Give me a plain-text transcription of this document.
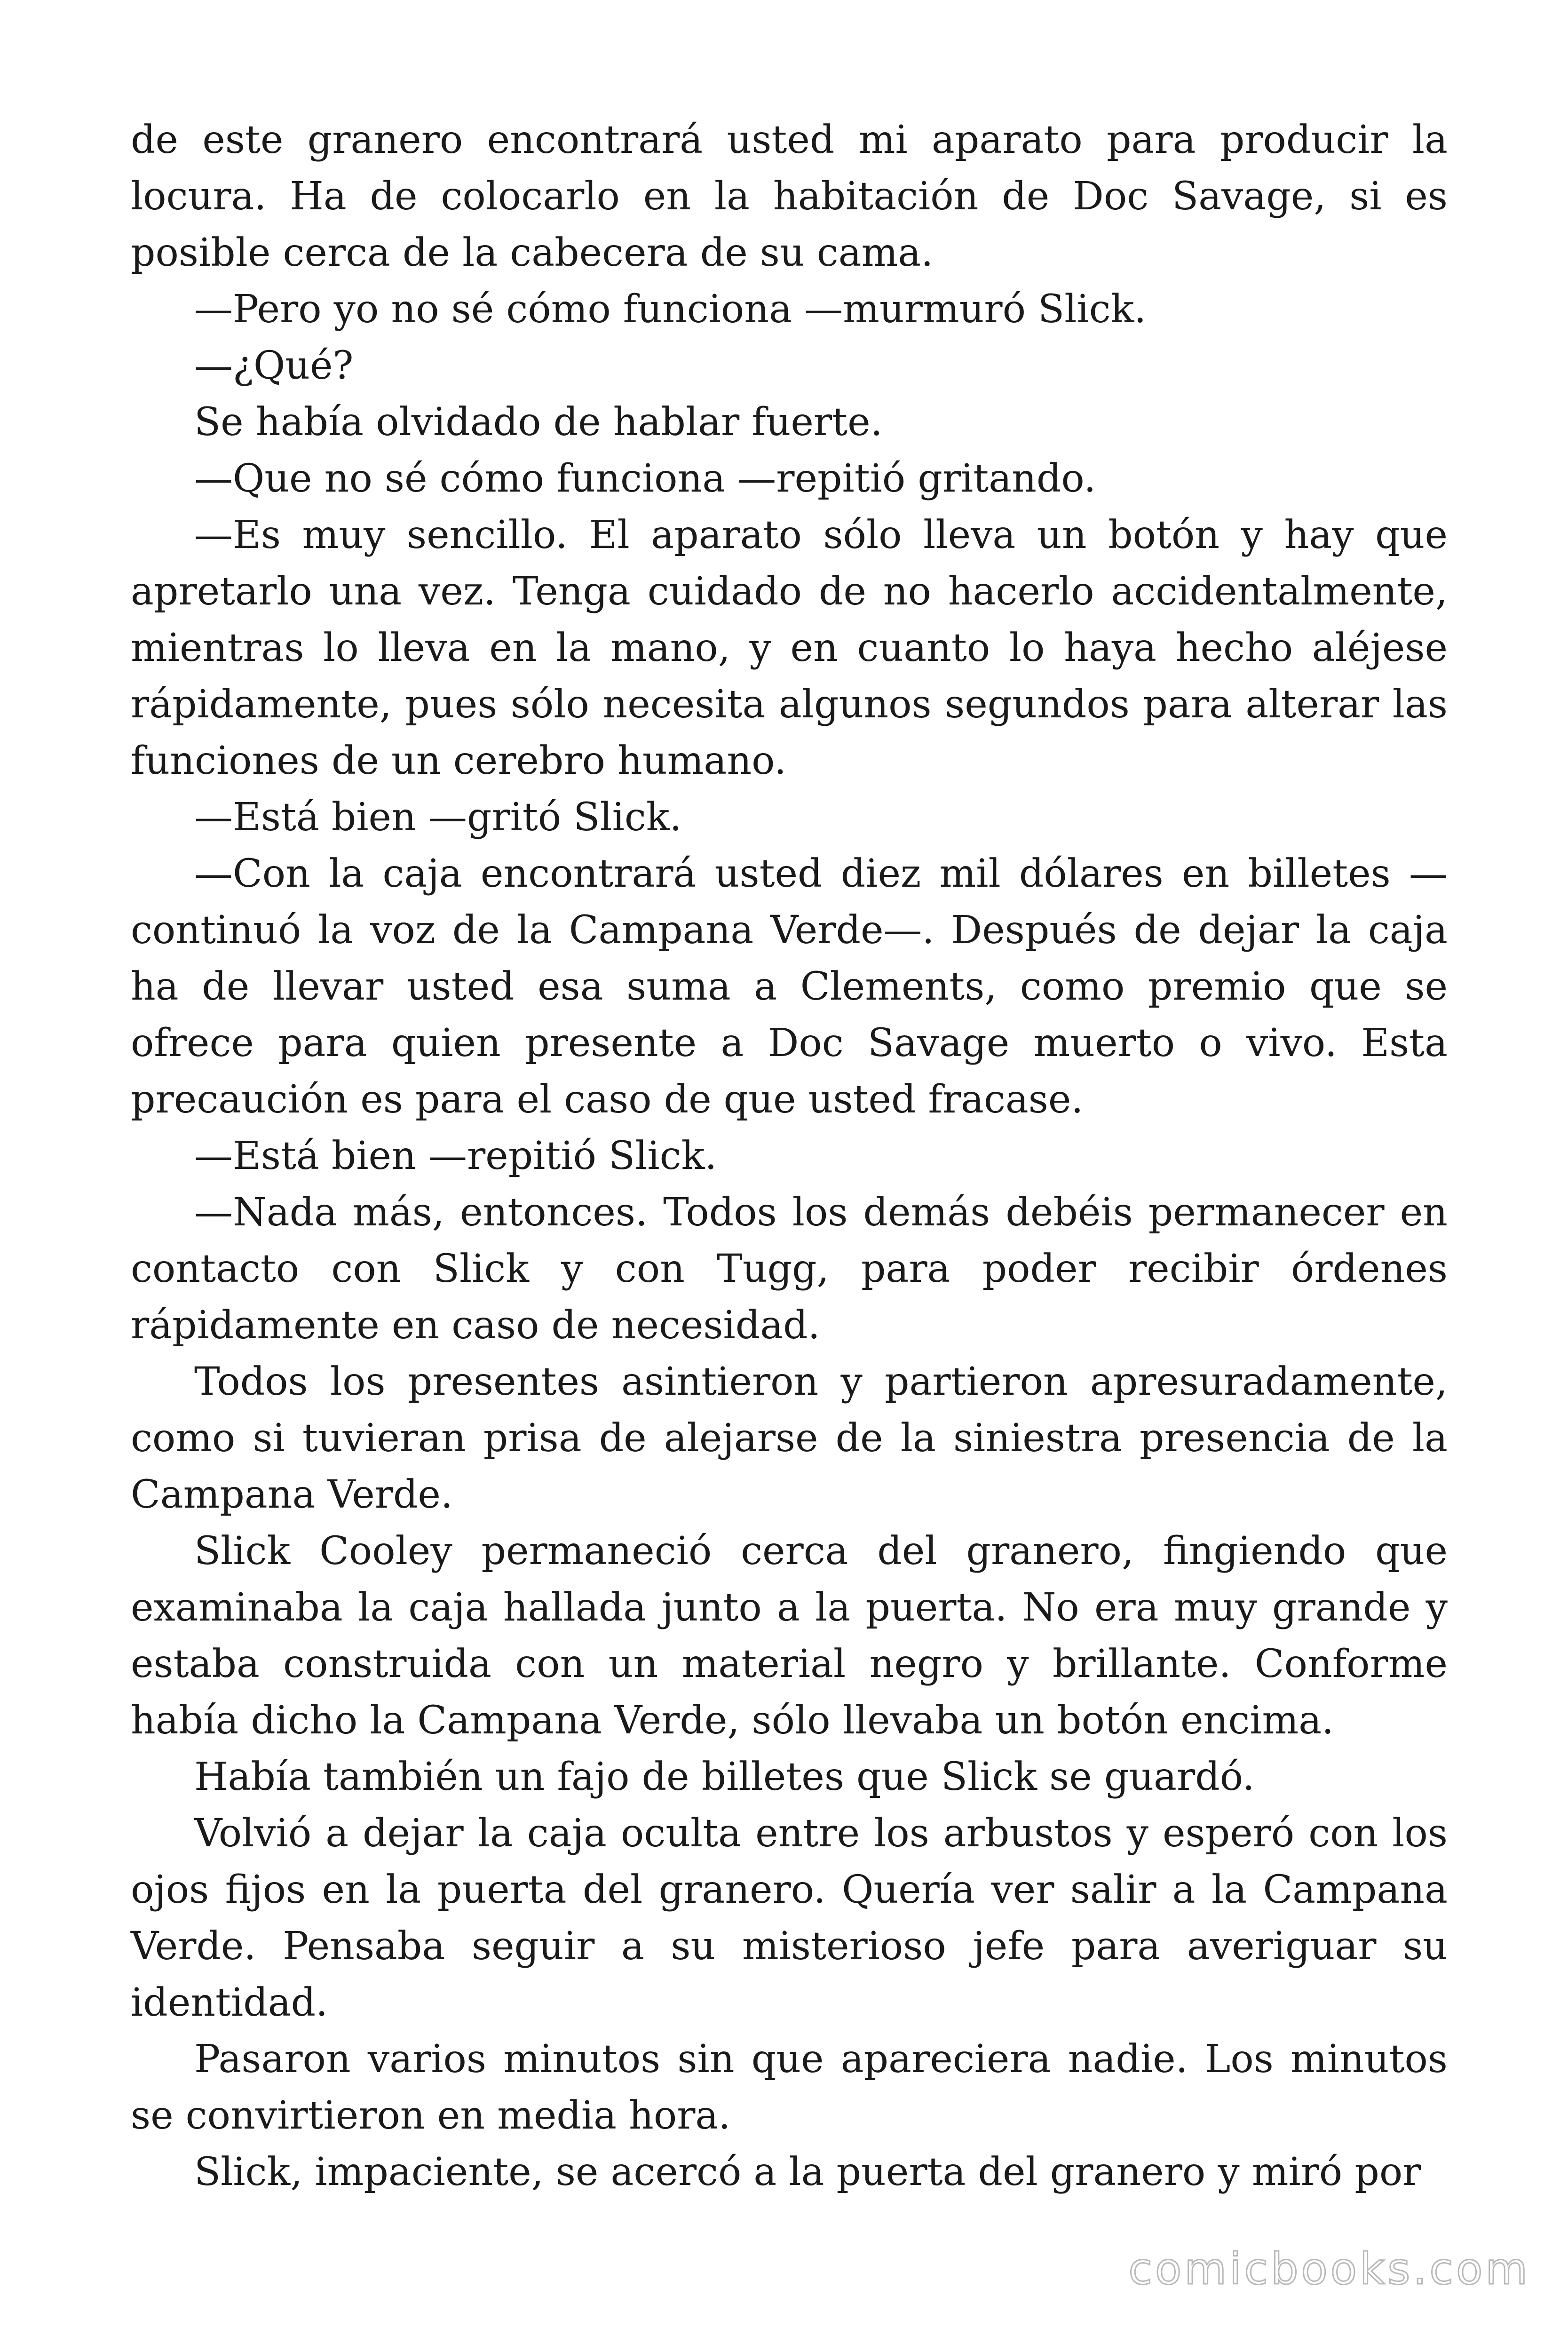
de este granero encontrará usted mi aparato para producir la locura. Ha de colocarlo en la habitación de Doc Savage, si es posible cerca de la cabecera de su cama.

—Pero yo no sé cómo funciona —murmuró Slick.

—¿Qué?

Se había olvidado de hablar fuerte.

—Que no sé cómo funciona —repitió gritando.

—Es muy sencillo. El aparato sólo lleva un botón y hay que apretarlo una vez. Tenga cuidado de no hacerlo accidentalmente, mientras lo lleva en la mano, y en cuanto lo haya hecho aléjese rápidamente, pues sólo necesita algunos segundos para alterar las funciones de un cerebro humano.

—Está bien —gritó Slick.

—Con la caja encontrará usted diez mil dólares en billetes —continuó la voz de la Campana Verde—. Después de dejar la caja ha de llevar usted esa suma a Clements, como premio que se ofrece para quien presente a Doc Savage muerto o vivo. Esta precaución es para el caso de que usted fracase.

—Está bien —repitió Slick.

—Nada más, entonces. Todos los demás debéis permanecer en contacto con Slick y con Tugg, para poder recibir órdenes rápidamente en caso de necesidad.

Todos los presentes asintieron y partieron apresuradamente, como si tuvieran prisa de alejarse de la siniestra presencia de la Campana Verde.

Slick Cooley permaneció cerca del granero, fingiendo que examinaba la caja hallada junto a la puerta. No era muy grande y estaba construida con un material negro y brillante. Conforme había dicho la Campana Verde, sólo llevaba un botón encima.

Había también un fajo de billetes que Slick se guardó.

Volvió a dejar la caja oculta entre los arbustos y esperó con los ojos fijos en la puerta del granero. Quería ver salir a la Campana Verde. Pensaba seguir a su misterioso jefe para averiguar su identidad.

Pasaron varios minutos sin que apareciera nadie. Los minutos se convirtieron en media hora.

Slick, impaciente, se acercó a la puerta del granero y miró por

comicbooks.com
